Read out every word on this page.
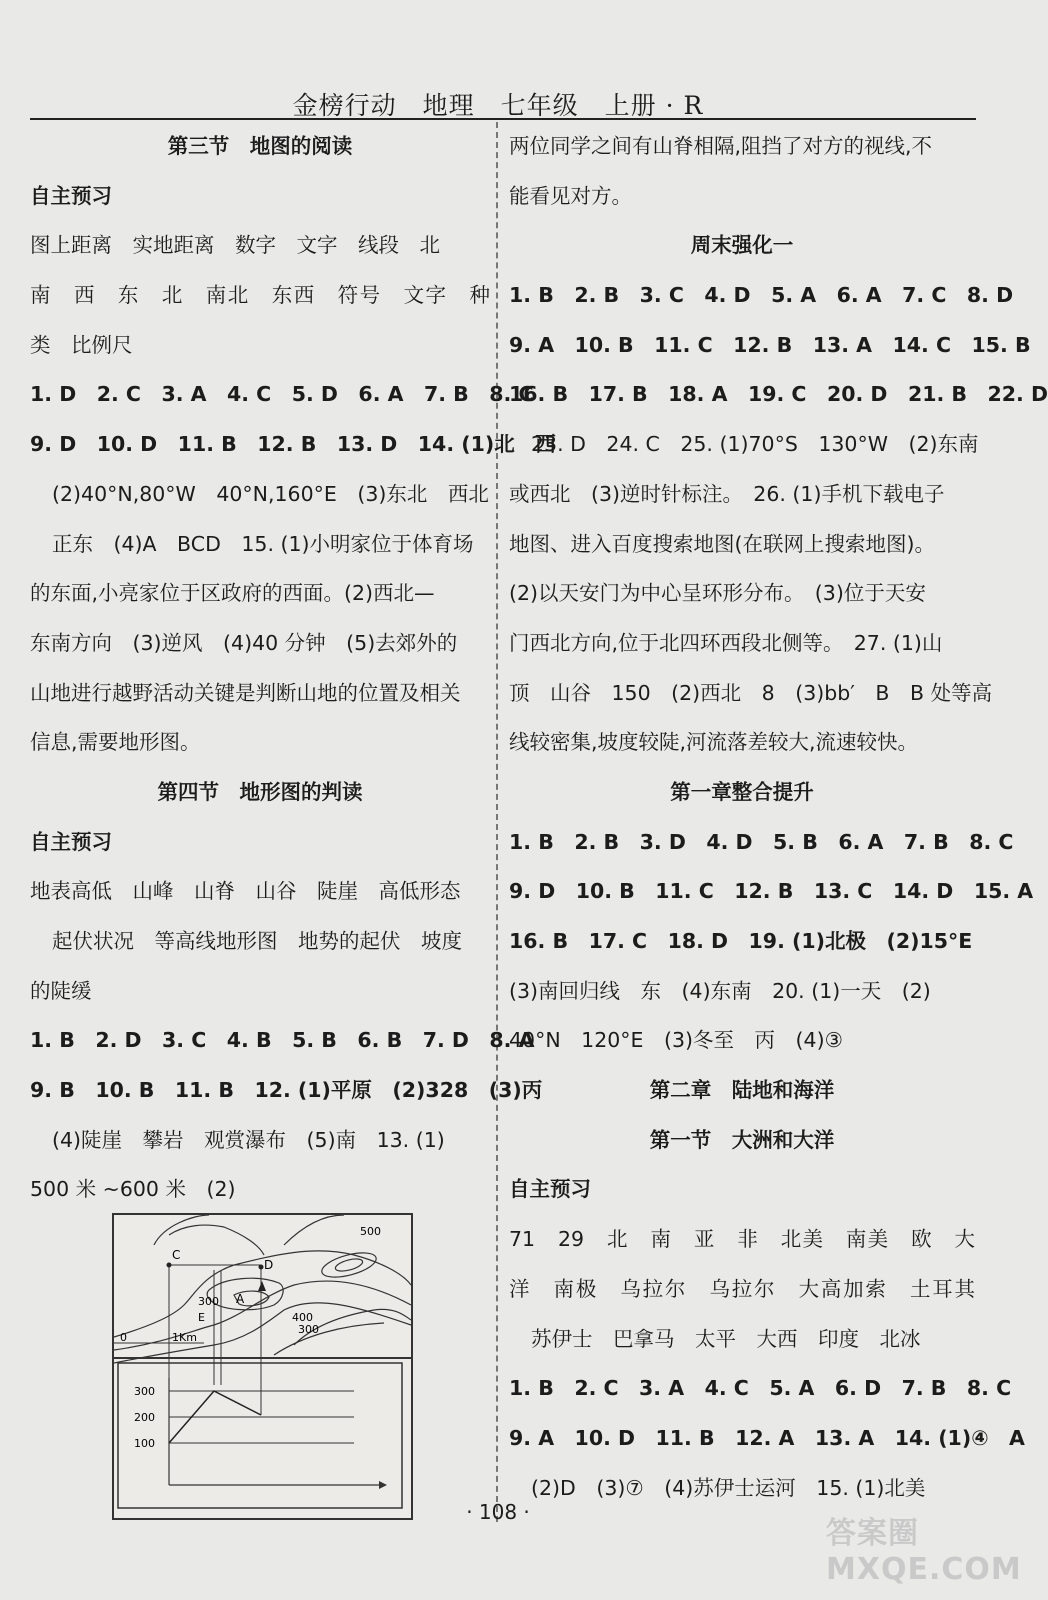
金榜行动　地理　七年级　上册 · R
第三节　地图的阅读
自主预习
图上距离　实地距离　数字　文字　线段　北
南　西　东　北　南北　东西　符号　文字　种
类　比例尺
1. D　2. C　3. A　4. C　5. D　6. A　7. B　8. C
9. D　10. D　11. B　12. B　13. D　14. (1)北　西
(2)40°N,80°W　40°N,160°E　(3)东北　西北
正东　(4)A　BCD　15. (1)小明家位于体育场
的东面,小亮家位于区政府的西面。(2)西北—
东南方向　(3)逆风　(4)40 分钟　(5)去郊外的
山地进行越野活动关键是判断山地的位置及相关
信息,需要地形图。
第四节　地形图的判读
自主预习
地表高低　山峰　山脊　山谷　陡崖　高低形态
起伏状况　等高线地形图　地势的起伏　坡度
的陡缓
1. B　2. D　3. C　4. B　5. B　6. B　7. D　8. A
9. B　10. B　11. B　12. (1)平原　(2)328　(3)丙
(4)陡崖　攀岩　观赏瀑布　(5)南　13. (1)
500 米 ~600 米　(2)
两位同学之间有山脊相隔,阻挡了对方的视线,不
能看见对方。
周末强化一
1. B　2. B　3. C　4. D　5. A　6. A　7. C　8. D
9. A　10. B　11. C　12. B　13. A　14. C　15. B
16. B　17. B　18. A　19. C　20. D　21. B　22. D
23. D　24. C　25. (1)70°S　130°W　(2)东南
或西北　(3)逆时针标注。　26. (1)手机下载电子
地图、进入百度搜索地图(在联网上搜索地图)。
(2)以天安门为中心呈环形分布。　(3)位于天安
门西北方向,位于北四环西段北侧等。　27. (1)山
顶　山谷　150　(2)西北　8　(3)bb′　B　B 处等高
线较密集,坡度较陡,河流落差较大,流速较快。
第一章整合提升
1. B　2. B　3. D　4. D　5. B　6. A　7. B　8. C
9. D　10. B　11. C　12. B　13. C　14. D　15. A
16. B　17. C　18. D　19. (1)北极　(2)15°E
(3)南回归线　东　(4)东南　20. (1)一天　(2)
40°N　120°E　(3)冬至　丙　(4)③
第二章　陆地和海洋
第一节　大洲和大洋
自主预习
71　29　北　南　亚　非　北美　南美　欧　大
洋　南极　乌拉尔　乌拉尔　大高加索　土耳其
苏伊士　巴拿马　太平　大西　印度　北冰
1. B　2. C　3. A　4. C　5. A　6. D　7. B　8. C
9. A　10. D　11. B　12. A　13. A　14. (1)④　A
(2)D　(3)⑦　(4)苏伊士运河　15. (1)北美
C
D
A
E
500
300
400
300
0	1Km
300
200
100
· 108 ·
答案圈 MXQE.COM
